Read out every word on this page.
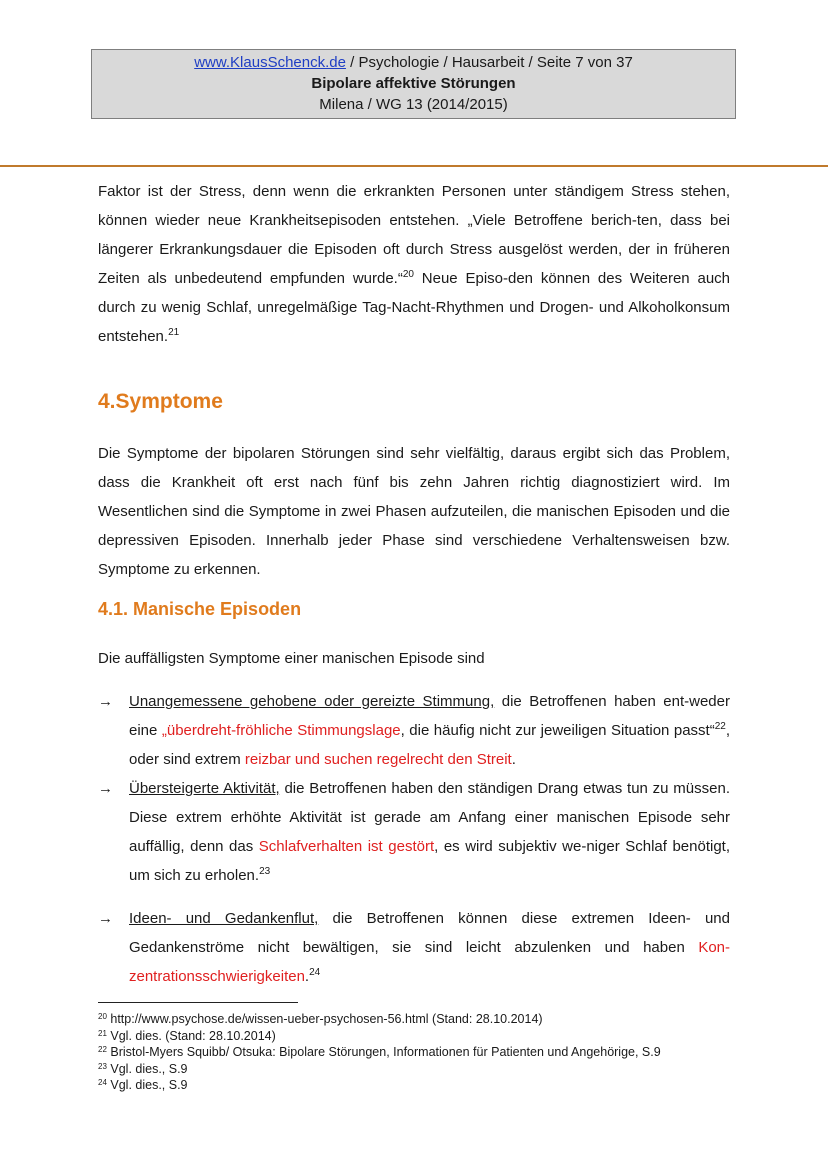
www.KlausSchenck.de / Psychologie / Hausarbeit / Seite 7 von 37
Bipolare affektive Störungen
Milena / WG 13 (2014/2015)

Faktor ist der Stress, denn wenn die erkrankten Personen unter ständigem Stress stehen, können wieder neue Krankheitsepisoden entstehen. „Viele Betroffene berich-ten, dass bei längerer Erkrankungsdauer die Episoden oft durch Stress ausgelöst werden, der in früheren Zeiten als unbedeutend empfunden wurde.“$^{20}$ Neue Episo-den können des Weiteren auch durch zu wenig Schlaf, unregelmäßige Tag-Nacht-Rhythmen und Drogen- und Alkoholkonsum entstehen.$^{21}$

4.Symptome

Die Symptome der bipolaren Störungen sind sehr vielfältig, daraus ergibt sich das Problem, dass die Krankheit oft erst nach fünf bis zehn Jahren richtig diagnostiziert wird. Im Wesentlichen sind die Symptome in zwei Phasen aufzuteilen, die manischen Episoden und die depressiven Episoden. Innerhalb jeder Phase sind verschiedene Verhaltensweisen bzw. Symptome zu erkennen.

4.1. Manische Episoden

Die auffälligsten Symptome einer manischen Episode sind

→	Unangemessene gehobene oder gereizte Stimmung, die Betroffenen haben ent-weder eine „überdreht-fröhliche Stimmungslage, die häufig nicht zur jeweiligen Situation passt“$^{22}$, oder sind extrem reizbar und suchen regelrecht den Streit.
→	Übersteigerte Aktivität, die Betroffenen haben den ständigen Drang etwas tun zu müssen. Diese extrem erhöhte Aktivität ist gerade am Anfang einer manischen Episode sehr auffällig, denn das Schlafverhalten ist gestört, es wird subjektiv we-niger Schlaf benötigt, um sich zu erholen.$^{23}$
→	Ideen- und Gedankenflut, die Betroffenen können diese extremen Ideen- und Gedankenströme nicht bewältigen, sie sind leicht abzulenken und haben Kon-zentrationsschwierigkeiten.$^{24}$
$^{20}$ http://www.psychose.de/wissen-ueber-psychosen-56.html (Stand: 28.10.2014)
$^{21}$ Vgl. dies. (Stand: 28.10.2014)
$^{22}$ Bristol-Myers Squibb/ Otsuka: Bipolare Störungen, Informationen für Patienten und Angehörige, S.9
$^{23}$ Vgl. dies., S.9
$^{24}$ Vgl. dies., S.9
